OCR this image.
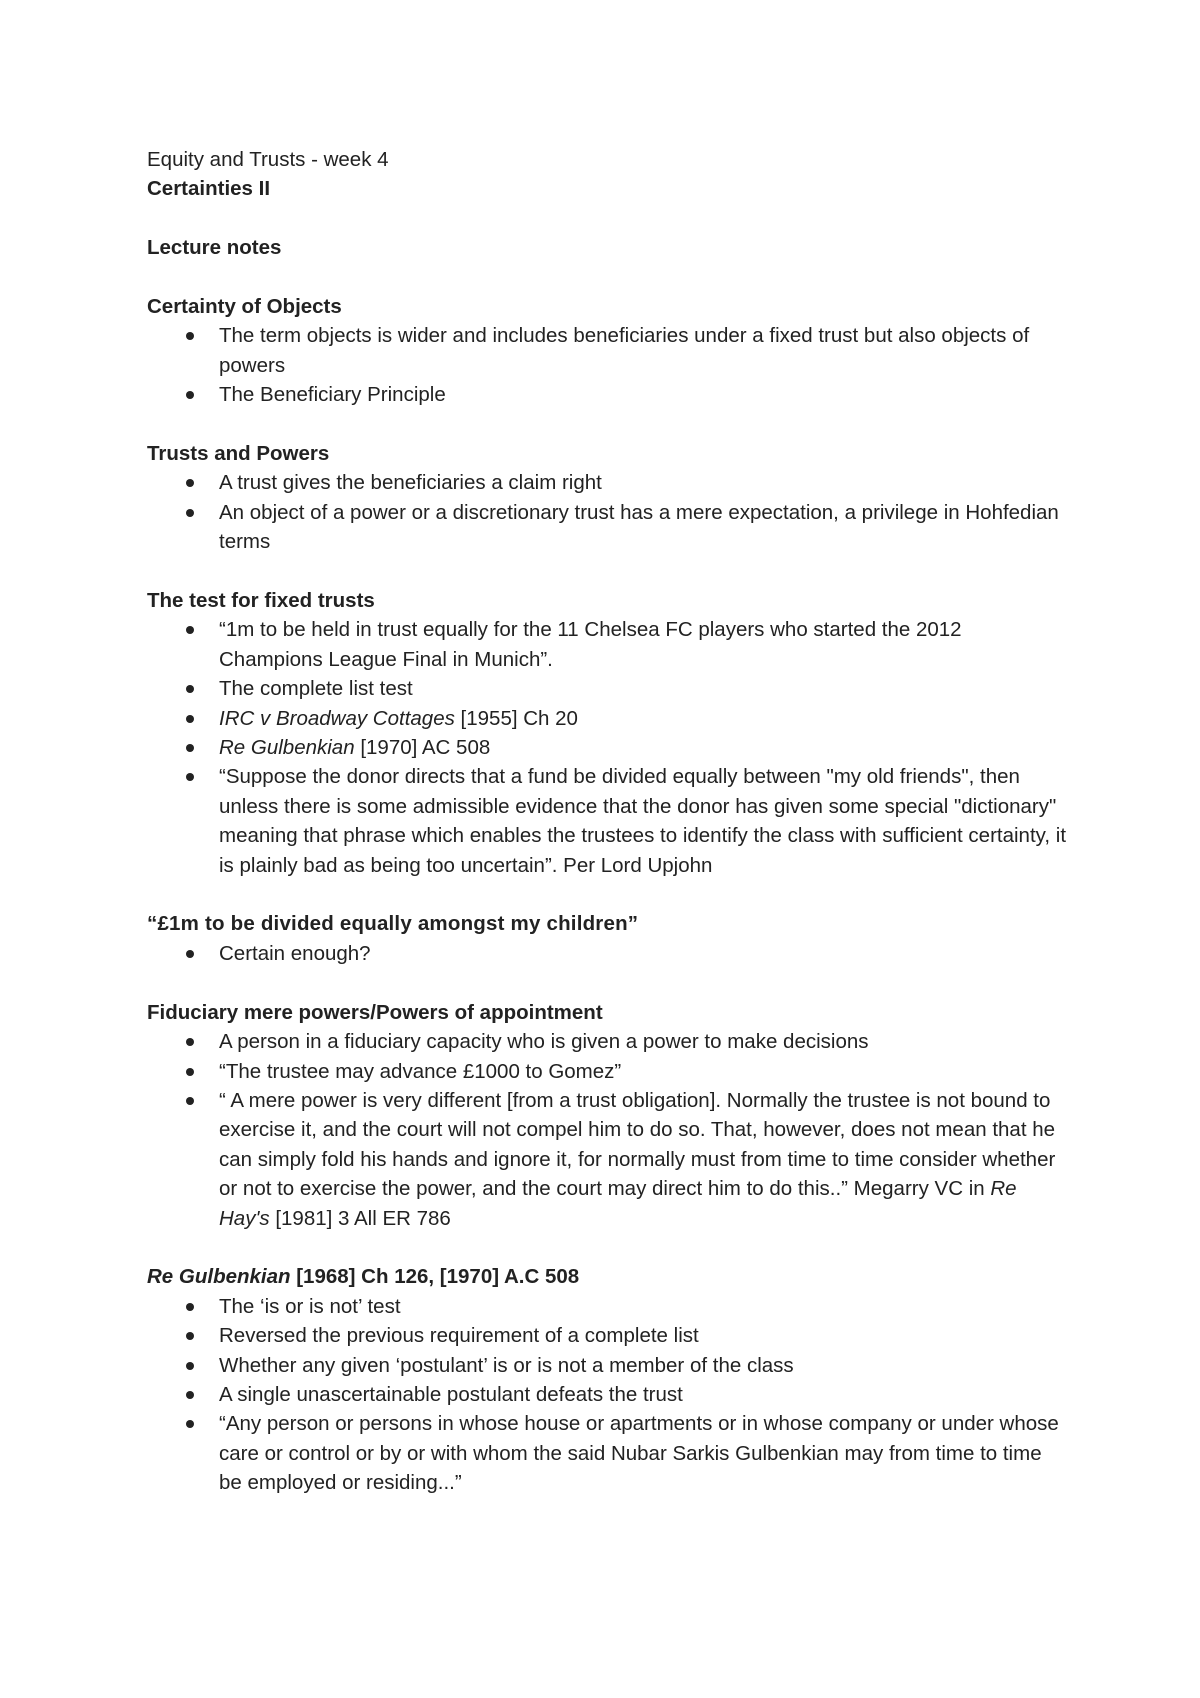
Equity and Trusts - week 4

Certainties II

Lecture notes

Certainty of Objects

The term objects is wider and includes beneficiaries under a fixed trust but also objects of powers
The Beneficiary Principle

Trusts and Powers

A trust gives the beneficiaries a claim right
An object of a power or a discretionary trust has a mere expectation, a privilege in Hohfedian terms

The test for fixed trusts

“1m to be held in trust equally for the 11 Chelsea FC players who started the 2012 Champions League Final in Munich”.
The complete list test
IRC v Broadway Cottages [1955] Ch 20
Re Gulbenkian [1970] AC 508
“Suppose the donor directs that a fund be divided equally between "my old friends", then unless there is some admissible evidence that the donor has given some special "dictionary" meaning that phrase which enables the trustees to identify the class with sufficient certainty, it is plainly bad as being too uncertain”. Per Lord Upjohn

“£1m to be divided equally amongst my children”

Certain enough?

Fiduciary mere powers/Powers of appointment

A person in a fiduciary capacity who is given a power to make decisions
“The trustee may advance £1000 to Gomez”
“ A mere power is very different [from a trust obligation]. Normally the trustee is not bound to exercise it, and the court will not compel him to do so. That, however, does not mean that he can simply fold his hands and ignore it, for normally must from time to time consider whether or not to exercise the power, and the court may direct him to do this..” Megarry VC in Re Hay's [1981] 3 All ER 786

Re Gulbenkian [1968] Ch 126, [1970] A.C 508

The ‘is or is not’ test
Reversed the previous requirement of a complete list
Whether any given ‘postulant’ is or is not a member of the class
A single unascertainable postulant defeats the trust
“Any person or persons in whose house or apartments or in whose company or under whose care or control or by or with whom the said Nubar Sarkis Gulbenkian may from time to time be employed or residing...”
